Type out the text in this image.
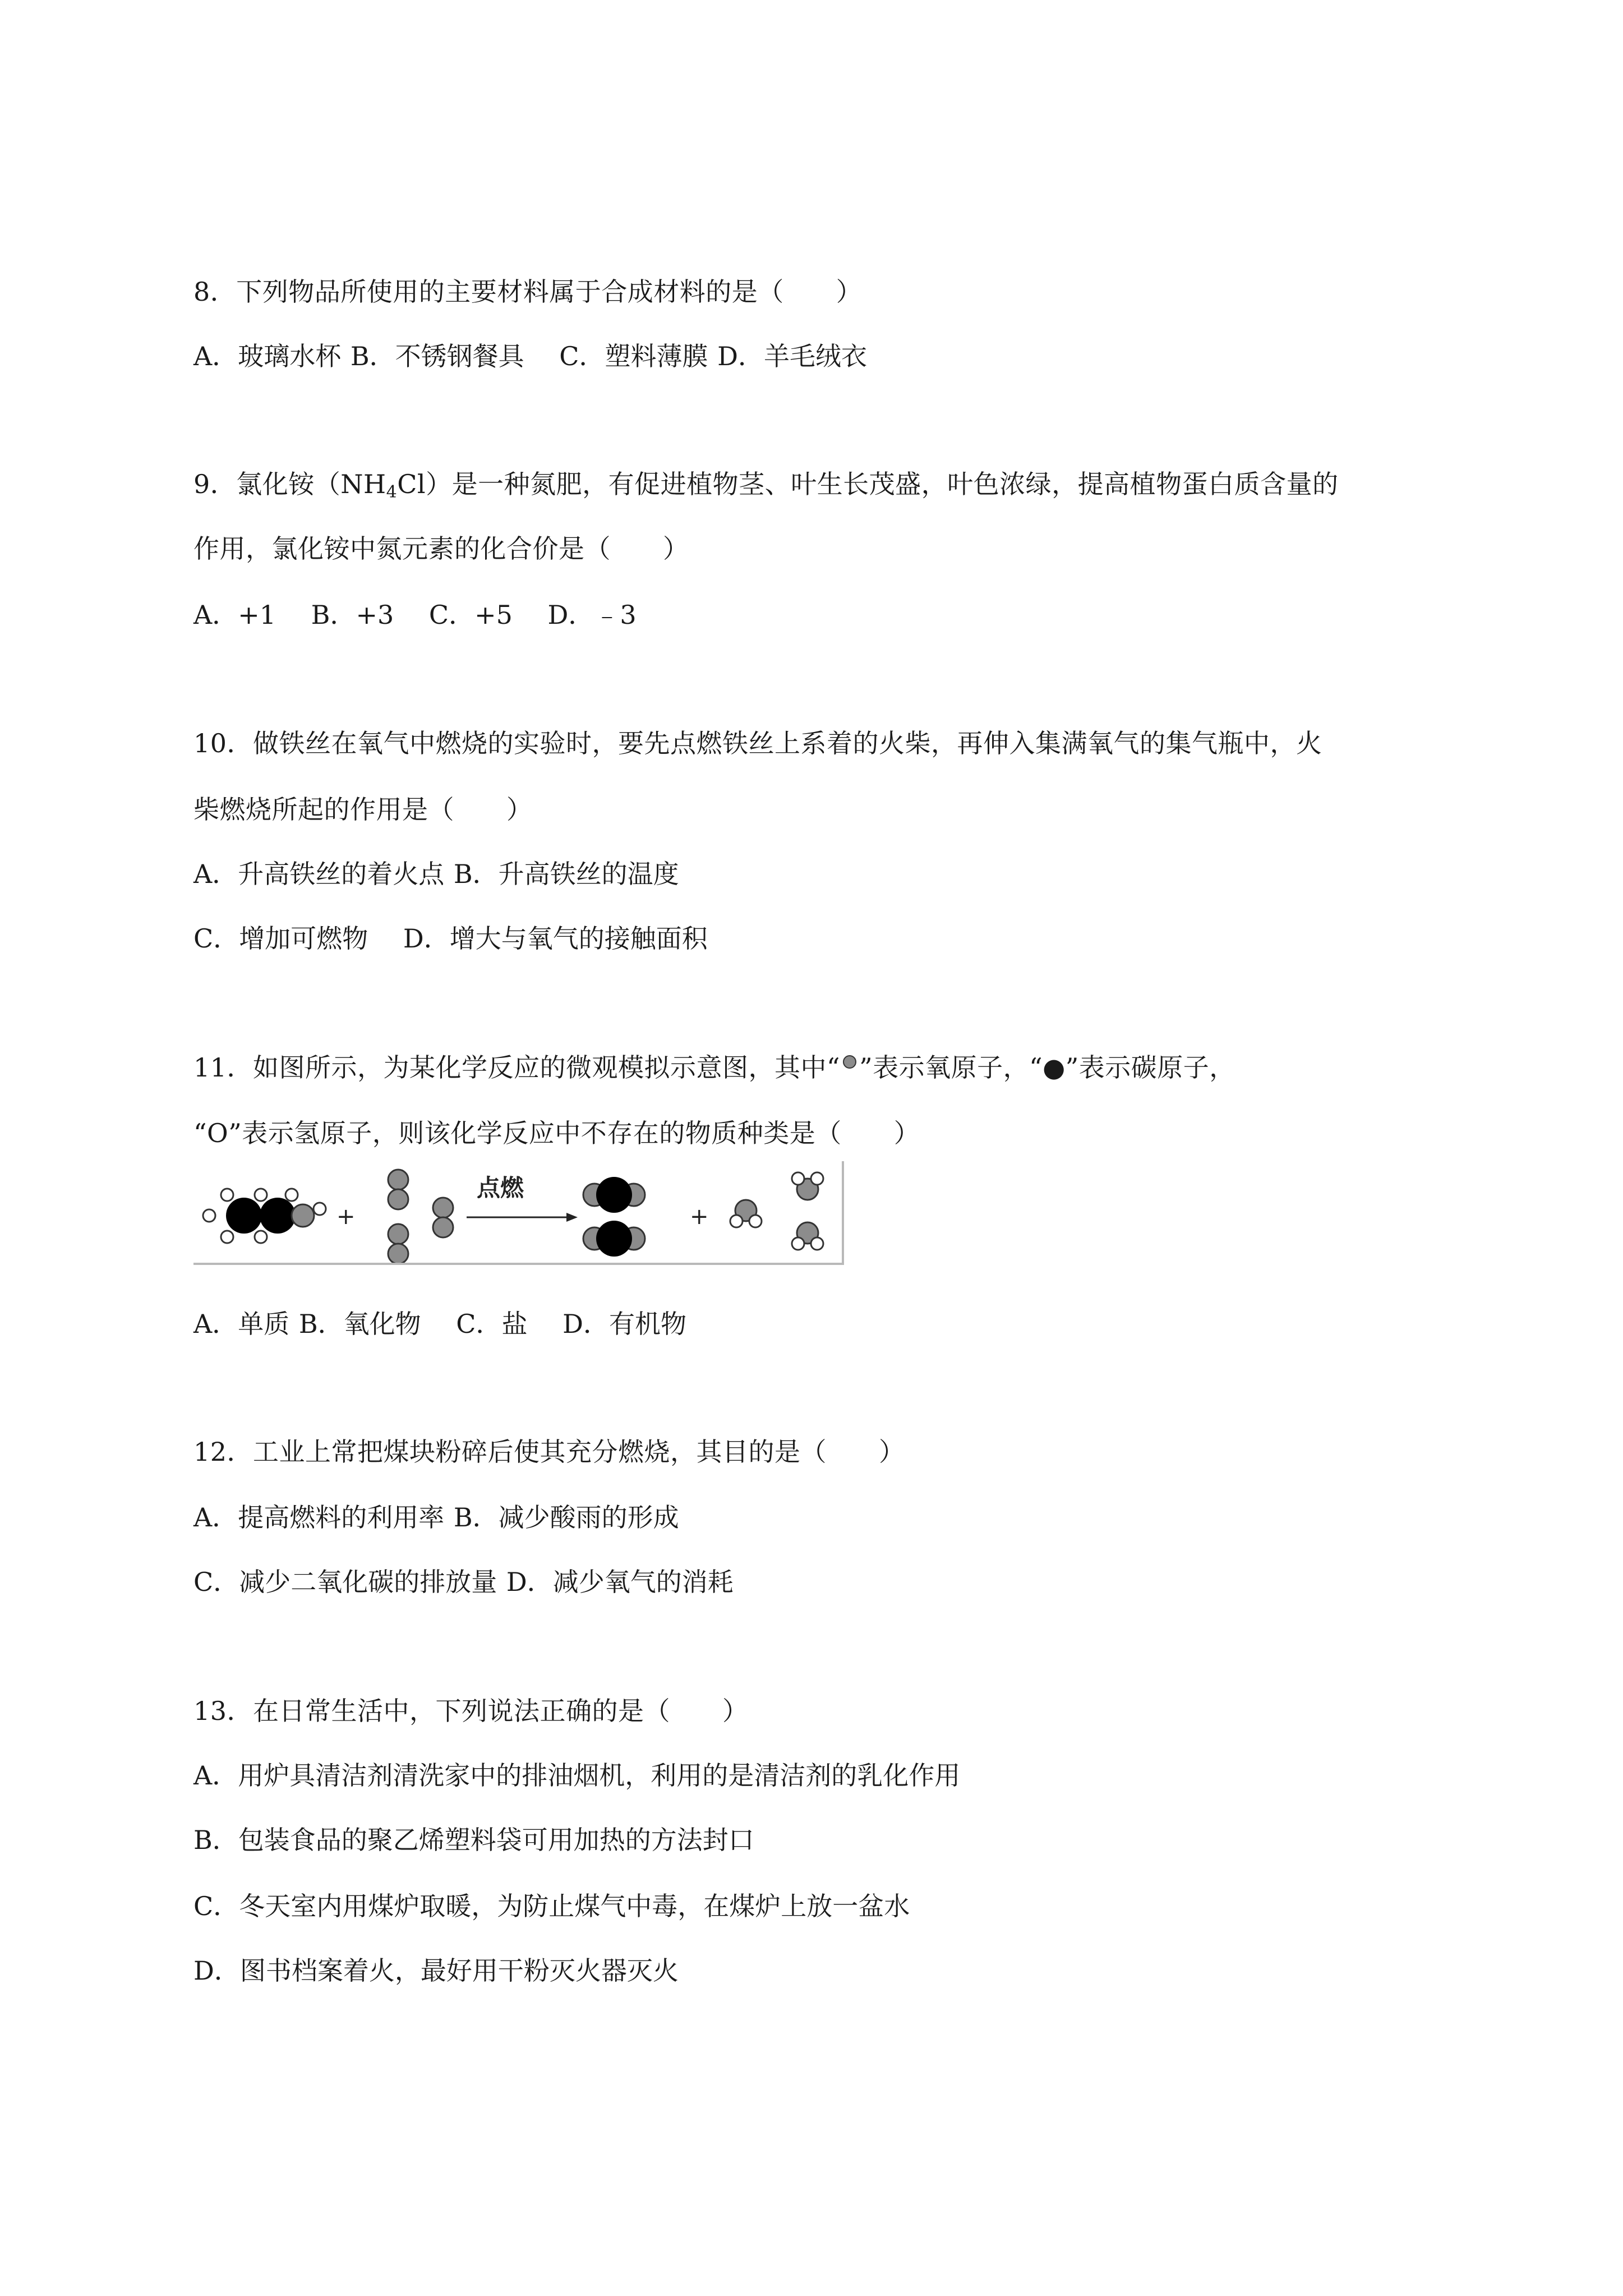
8．下列物品所使用的主要材料属于合成材料的是（　　）
A．玻璃水杯 B．不锈钢餐具　 C．塑料薄膜 D．羊毛绒衣
9．氯化铵$(NH_4Cl)$是一种氮肥，有促进植物茎、叶生长茂盛，叶色浓绿，提高植物蛋白质含量的
作用，氯化铵中氮元素的化合价是（　　）
A．+1　 B．+3　 C．+5　 D．﹣3
10．做铁丝在氧气中燃烧的实验时，要先点燃铁丝上系着的火柴，再伸入集满氧气的集气瓶中，火
柴燃烧所起的作用是（　　）
A．升高铁丝的着火点 B．升高铁丝的温度
C．增加可燃物　 D．增大与氧气的接触面积
11．如图所示，为某化学反应的微观模拟示意图，其中“ ”表示氧原子，“●”表示碳原子，
“O”表示氢原子，则该化学反应中不存在的物质种类是（　　）
+
点燃
+
A．单质 B．氧化物　 C．盐　 D．有机物
12．工业上常把煤块粉碎后使其充分燃烧，其目的是（　　）
A．提高燃料的利用率 B．减少酸雨的形成
C．减少二氧化碳的排放量 D．减少氧气的消耗
13．在日常生活中，下列说法正确的是（　　）
A．用炉具清洁剂清洗家中的排油烟机，利用的是清洁剂的乳化作用
B．包装食品的聚乙烯塑料袋可用加热的方法封口
C．冬天室内用煤炉取暖，为防止煤气中毒，在煤炉上放一盆水
D．图书档案着火，最好用干粉灭火器灭火
